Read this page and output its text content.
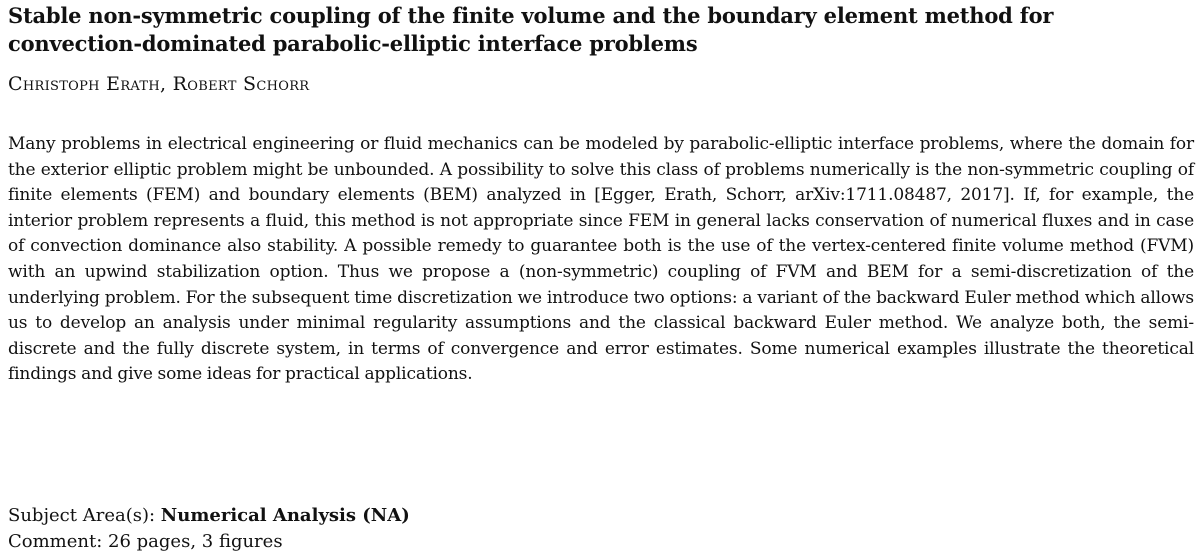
Stable non-symmetric coupling of the finite volume and the boundary element method for convection-dominated parabolic-elliptic interface problems
Christoph Erath, Robert Schorr
Many problems in electrical engineering or fluid mechanics can be modeled by parabolic-elliptic interface problems, where the domain for the exterior elliptic problem might be unbounded. A possibility to solve this class of problems numerically is the non-symmetric coupling of finite elements (FEM) and boundary elements (BEM) analyzed in [Egger, Erath, Schorr, arXiv:1711.08487, 2017]. If, for example, the interior problem represents a fluid, this method is not appropriate since FEM in general lacks conservation of numerical fluxes and in case of convection dominance also stability. A possible remedy to guarantee both is the use of the vertex-centered finite volume method (FVM) with an upwind stabilization option. Thus we propose a (non-symmetric) coupling of FVM and BEM for a semi-discretization of the underlying problem. For the subsequent time discretization we introduce two options: a variant of the backward Euler method which allows us to develop an analysis under minimal regularity assumptions and the classical backward Euler method. We analyze both, the semi-discrete and the fully discrete system, in terms of convergence and error estimates. Some numerical examples illustrate the theoretical findings and give some ideas for practical applications.
Subject Area(s): Numerical Analysis (NA)
Comment: 26 pages, 3 figures
